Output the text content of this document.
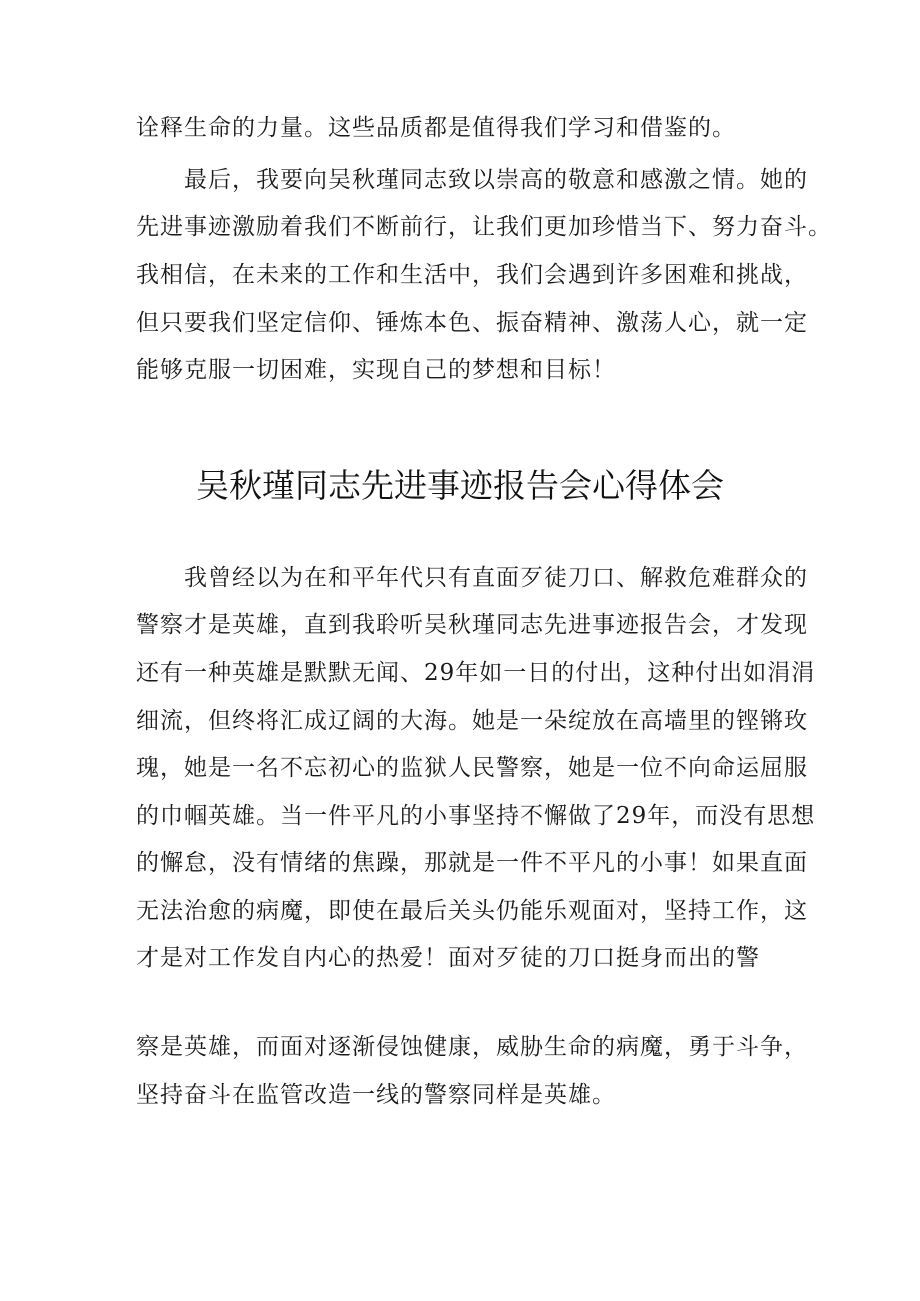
诠释生命的力量。这些品质都是值得我们学习和借鉴的。
最后，我要向吴秋瑾同志致以崇高的敬意和感激之情。她的
先进事迹激励着我们不断前行，让我们更加珍惜当下、努力奋斗。
我相信，在未来的工作和生活中，我们会遇到许多困难和挑战，
但只要我们坚定信仰、锤炼本色、振奋精神、激荡人心，就一定
能够克服一切困难，实现自己的梦想和目标！
吴秋瑾同志先进事迹报告会心得体会
我曾经以为在和平年代只有直面歹徒刀口、解救危难群众的
警察才是英雄，直到我聆听吴秋瑾同志先进事迹报告会，才发现
还有一种英雄是默默无闻、29年如一日的付出，这种付出如涓涓
细流，但终将汇成辽阔的大海。她是一朵绽放在高墙里的铿锵玫
瑰，她是一名不忘初心的监狱人民警察，她是一位不向命运屈服
的巾帼英雄。当一件平凡的小事坚持不懈做了29年，而没有思想
的懈怠，没有情绪的焦躁，那就是一件不平凡的小事！如果直面
无法治愈的病魔，即使在最后关头仍能乐观面对，坚持工作，这
才是对工作发自内心的热爱！面对歹徒的刀口挺身而出的警
察是英雄，而面对逐渐侵蚀健康，威胁生命的病魔，勇于斗争，
坚持奋斗在监管改造一线的警察同样是英雄。
